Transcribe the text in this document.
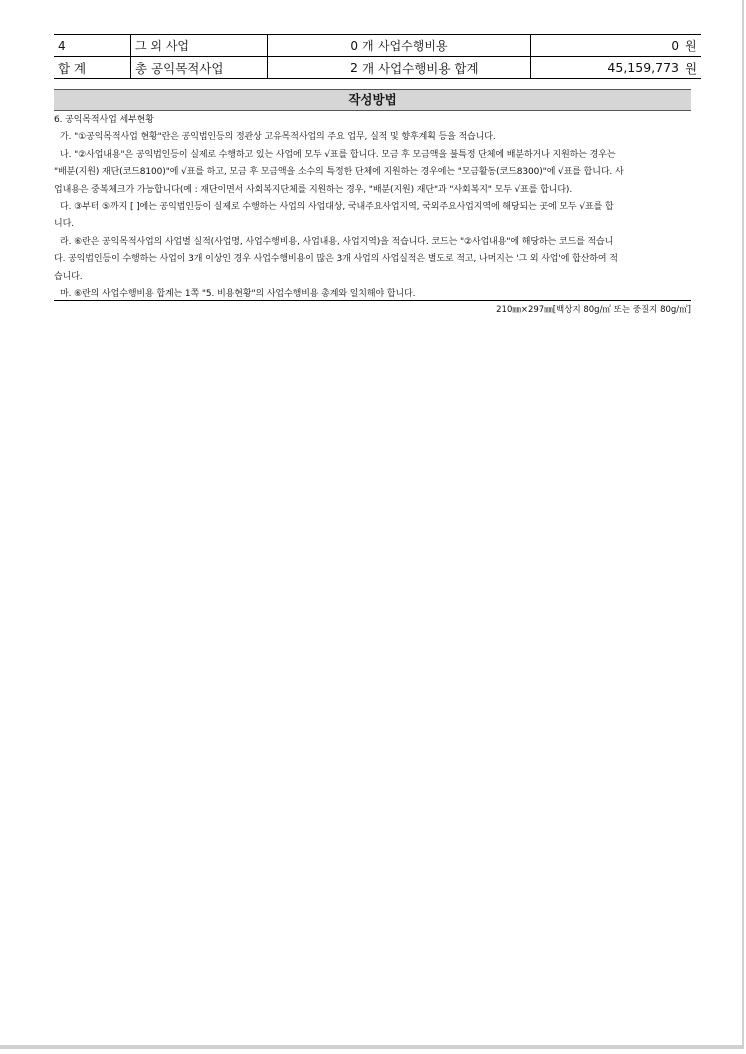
4	그 외 사업	0	개	사업수행비용	0	원
합 계	총 공익목적사업	2	개	사업수행비용 합계	45,159,773	원
작성방법

6. 공익목적사업 세부현황

가. "①공익목적사업 현황"란은 공익법인등의 정관상 고유목적사업의 주요 업무, 실적 및 향후계획 등을 적습니다.

나. "②사업내용"은 공익법인등이 실제로 수행하고 있는 사업에 모두 √표를 합니다. 모금 후 모금액을 불특정 단체에 배분하거나 지원하는 경우는

"배분(지원) 재단(코드8100)"에 √표를 하고, 모금 후 모금액을 소수의 특정한 단체에 지원하는 경우에는 "모금활동(코드8300)"에 √표를 합니다. 사

업내용은 중복체크가 가능합니다(예 : 재단이면서 사회복지단체를 지원하는 경우, "배분(지원) 재단"과 "사회복지" 모두 √표를 합니다).

다. ③부터 ⑤까지 [ ]에는 공익법인등이 실제로 수행하는 사업의 사업대상, 국내주요사업지역, 국외주요사업지역에 해당되는 곳에 모두 √표를 합

니다.

라. ⑥란은 공익목적사업의 사업별 실적(사업명, 사업수행비용, 사업내용, 사업지역)을 적습니다. 코드는 "②사업내용"에 해당하는 코드를 적습니

다. 공익법인등이 수행하는 사업이 3개 이상인 경우 사업수행비용이 많은 3개 사업의 사업실적은 별도로 적고, 나머지는 '그 외 사업'에 합산하여 적

습니다.

마. ⑥란의 사업수행비용 합계는 1쪽 "5. 비용현황"의 사업수행비용 총계와 일치해야 합니다.

210㎜×297㎜[백상지 80g/㎡ 또는 중질지 80g/㎡]
